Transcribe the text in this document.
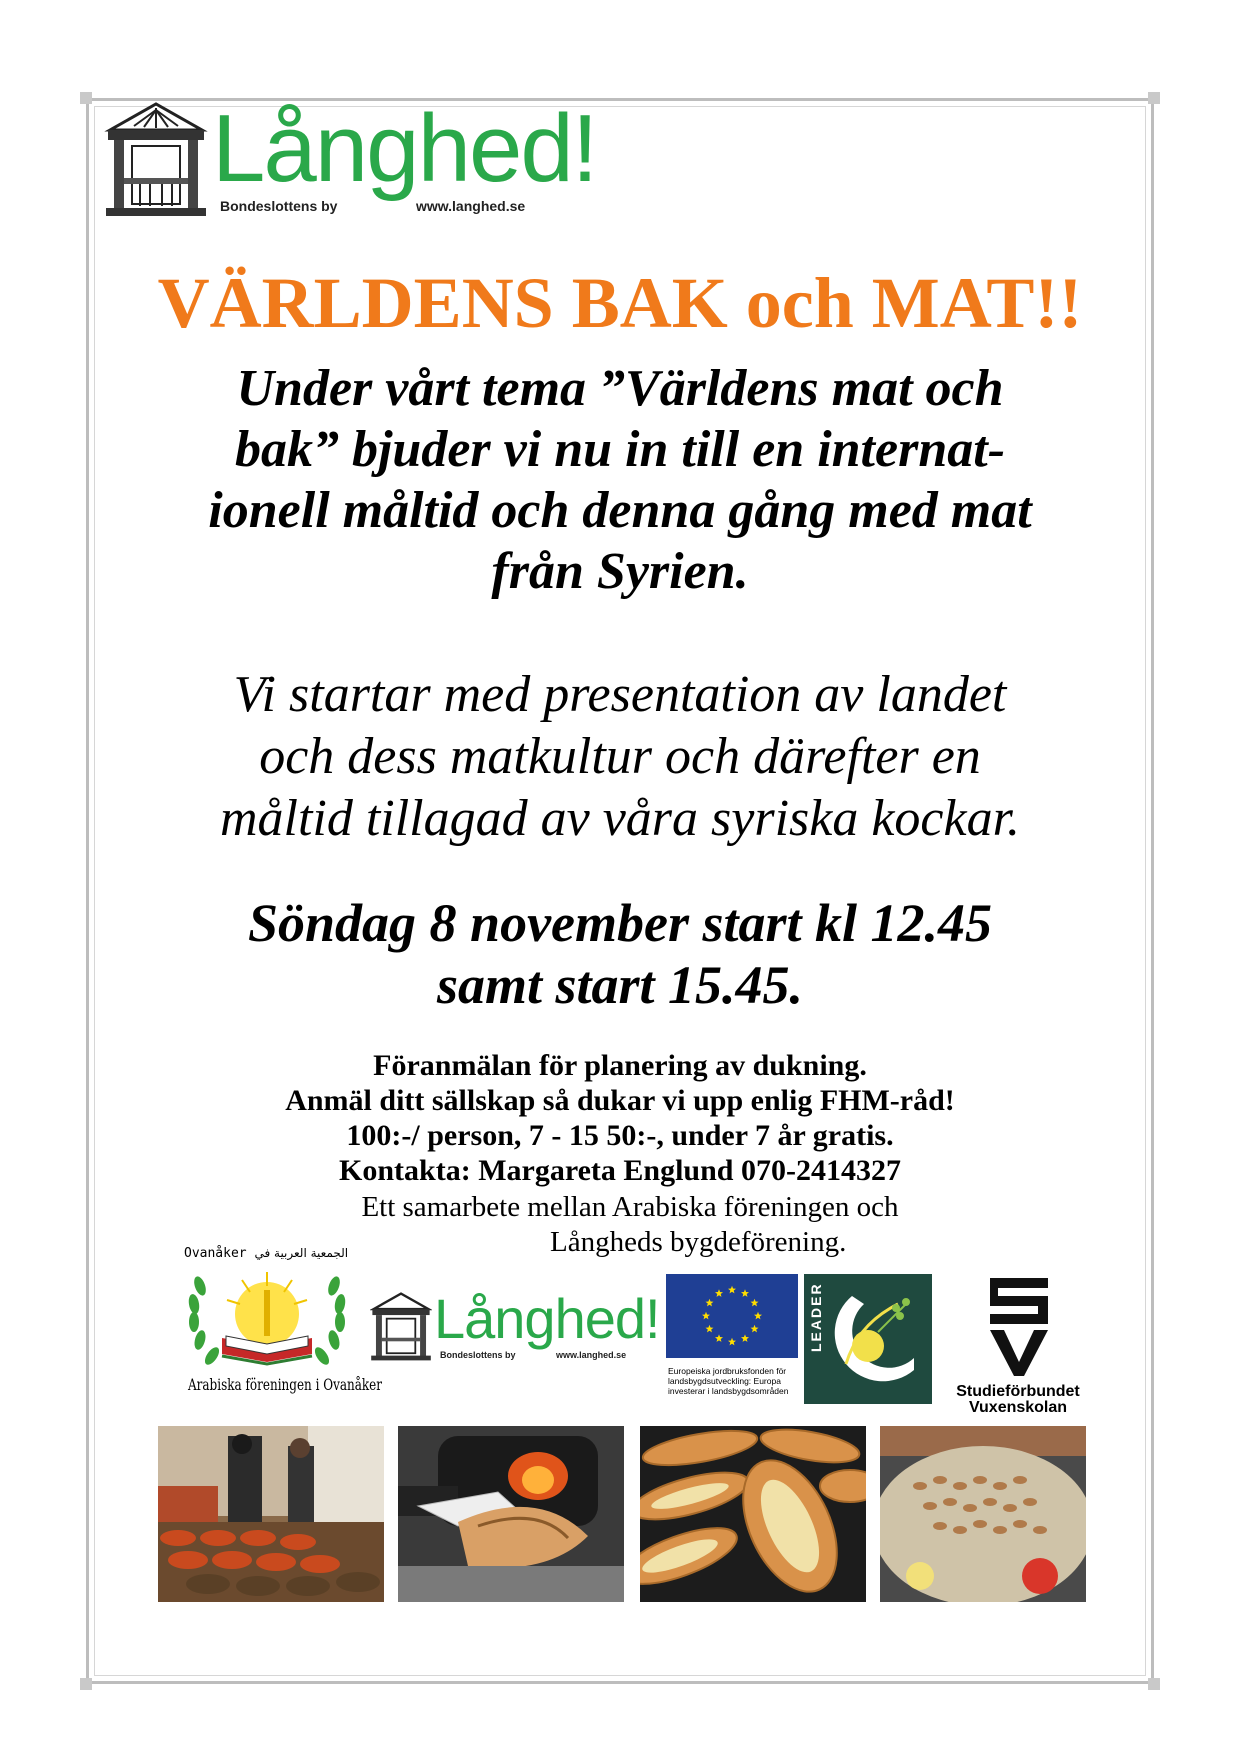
Långhed!
Bondeslottens by	www.langhed.se
VÄRLDENS BAK och MAT!!
Under vårt tema ”Världens mat och
bak” bjuder vi nu in till en internat-
ionell måltid och denna gång med mat
från Syrien.
Vi startar med presentation av landet
och dess matkultur och därefter en
måltid tillagad av våra syriska kockar.
Söndag 8 november start kl 12.45
samt start 15.45.
Föranmälan för planering av dukning.
Anmäl ditt sällskap så dukar vi upp enlig FHM-råd!
100:-/ person, 7 - 15 50:-, under 7 år gratis.
Kontakta: Margareta Englund 070-2414327
Ett samarbete mellan Arabiska föreningen och
Långheds bygdeförening.
Ovanåker الجمعية العربية في
Arabiska föreningen i Ovanåker
Långhed!
Bondeslottens by	www.langhed.se
Europeiska jordbruksfonden för
landsbygdsutveckling: Europa
investerar i landsbygdsområden
LEADER
Studieförbundet
Vuxenskolan
